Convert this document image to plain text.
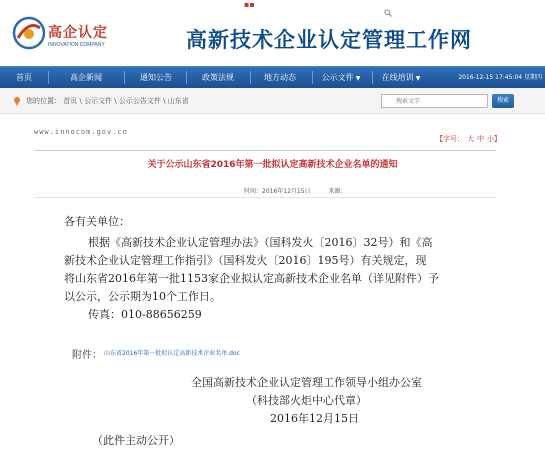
▪▪
高企认定
INNOVATION COMPANY	高新技术企业认定管理工作网
首页	高企新闻	通知公告	政策法规	地方动态	公示文件 ▼	在线培训 ▼	2016-12-15 17:45:04 星期四
您的位置： 首页 \ 公示文件 \ 公示公告文件 \ 山东省
搜索文字	搜索
www.innocom.gov.cn
【字号： 大 中 小】
关于公示山东省2016年第一批拟认定高新技术企业名单的通知
时间：2016年12月15日	来源：
各有关单位：
根据《高新技术企业认定管理办法》（国科发火〔2016〕32号）和《高
新技术企业认定管理工作指引》（国科发火〔2016〕195号）有关规定，现
将山东省2016年第一批1153家企业拟认定高新技术企业名单（详见附件）予
以公示，公示期为10个工作日。
传真：010-88656259
附件： 山东省2016年第一批拟认定高新技术企业名单.doc
全国高新技术企业认定管理工作领导小组办公室
（科技部火炬中心代章）
2016年12月15日
（此件主动公开）
